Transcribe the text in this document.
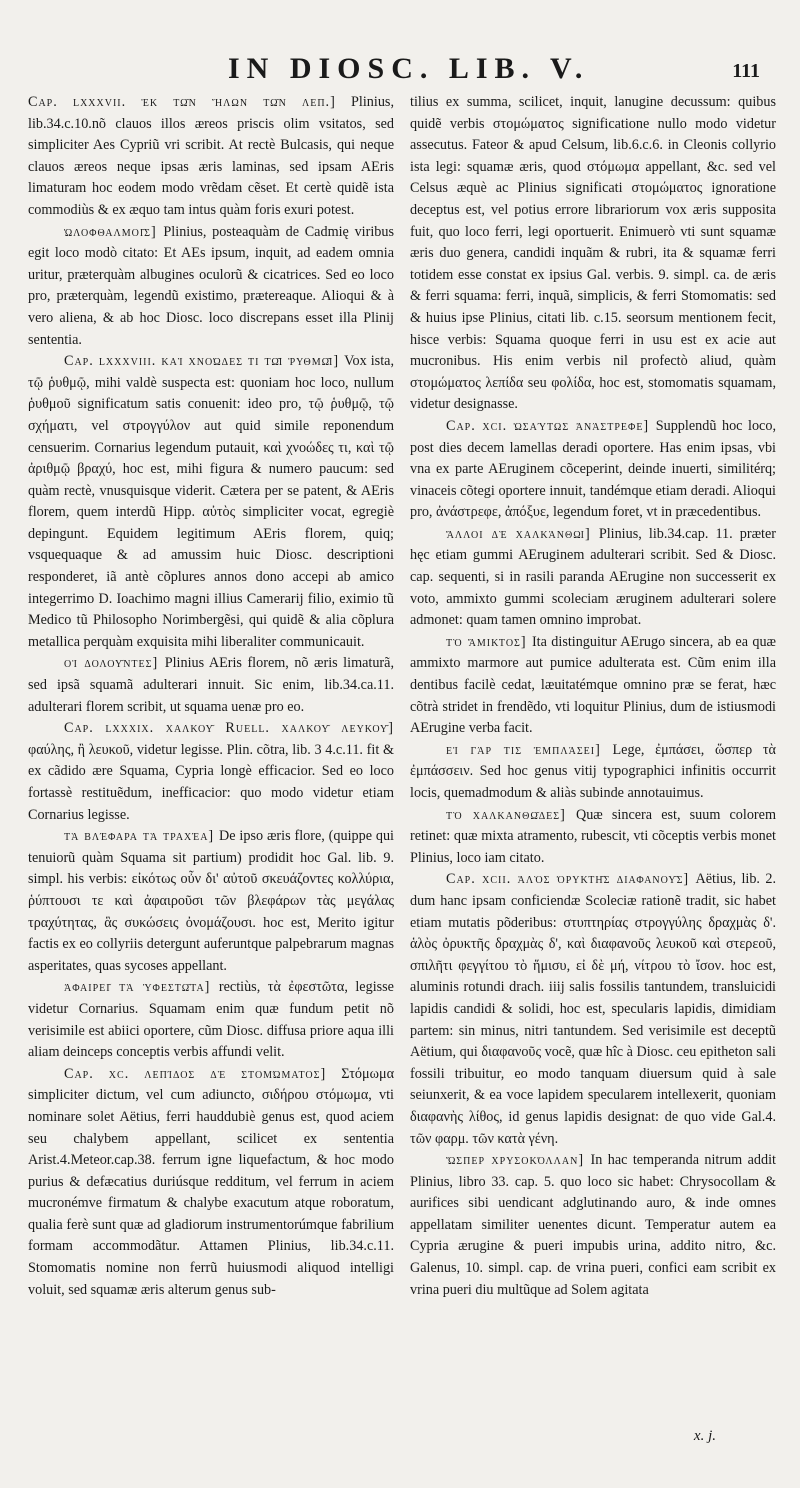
IN DIOSC. LIB. V.	111

Cap. lxxxvii. ἐκ τῶν ἥλων τῶν λεπ.] Plinius, lib.34.c.10.nõ clauos illos æreos priscis olim vsitatos, sed simpliciter Aes Cypriũ vri scribit. At rectè Bulcasis, qui neque clauos æreos neque ipsas æris laminas, sed ipsam AEris limaturam hoc eodem modo vrẽdam cẽset. Et certè quidẽ ista commodiùs & ex æquo tam intus quàm foris exuri potest.

ὠλοφθαλμοῖς] Plinius, posteaquàm de Cadmię viribus egit loco modò citato: Et AEs ipsum, inquit, ad eadem omnia uritur, præterquàm albugines oculorũ & cicatrices. Sed eo loco pro, præterquàm, legendũ existimo, prætereaque. Alioqui & à vero aliena, & ab hoc Diosc. loco discrepans esset illa Plinij sententia.

Cap. lxxxviii. καὶ χνοώδες τι τῷ ῥυθμῷ] Vox ista, τῷ ῥυθμῷ, mihi valdè suspecta est: quoniam hoc loco, nullum ῥυθμοῦ significatum satis conuenit: ideo pro, τῷ ῥυθμῷ, τῷ σχήματι, vel στρογγύλον aut quid simile reponendum censuerim. Cornarius legendum putauit, καὶ χνοώδες τι, καὶ τῷ ἀριθμῷ βραχύ, hoc est, mihi figura & numero paucum: sed quàm rectè, vnusquisque viderit. Cætera per se patent, & AEris florem, quem interdũ Hipp. αὐτὸς simpliciter vocat, egregiè depingunt. Equidem legitimum AEris florem, quiq; vsquequaque & ad amussim huic Diosc. descriptioni responderet, iã antè cõplures annos dono accepi ab amico integerrimo D. Ioachimo magni illius Camerarij filio, eximio tũ Medico tũ Philosopho Norimbergẽsi, qui quidẽ & alia cõplura metallica perquàm exquisita mihi liberaliter communicauit.

οἱ δολοῦντες] Plinius AEris florem, nõ æris limaturã, sed ipsã squamã adulterari innuit. Sic enim, lib.34.ca.11. adulterari florem scribit, ut squama uenæ pro eo.

Cap. lxxxix. χαλκοῦ Ruell. χαλκοῦ λευκοῦ] φαύλης, ἢ λευκοῦ, videtur legisse. Plin. cõtra, lib. 3 4.c.11. fit & ex cãdido ære Squama, Cypria longè efficacior. Sed eo loco fortassè restituẽdum, inefficacior: quo modo videtur etiam Cornarius legisse.

τὰ βλέφαρα τὰ τραχέα] De ipso æris flore, (quippe qui tenuiorũ quàm Squama sit partium) prodidit hoc Gal. lib. 9. simpl. his verbis: εἰκότως οὖν δι' αὐτοῦ σκευάζοντες κολλύρια, ῥύπτουσι τε καὶ ἀφαιροῦσι τῶν βλεφάρων τὰς μεγάλας τραχύτητας, ἃς συκώσεις ὀνομάζουσι. hoc est, Merito igitur factis ex eo collyriis detergunt auferuntque palpebrarum magnas asperitates, quas sycoses appellant.

ἀφαιρεῖ τὰ ὑφεστῶτα] rectiùs, τὰ ἐφεστῶτα, legisse videtur Cornarius. Squamam enim quæ fundum petit nõ verisimile est abiici oportere, cũm Diosc. diffusa priore aqua illi aliam deinceps conceptis verbis affundi velit.

Cap. xc. λεπίδος δὲ στομώματος] Στόμωμα simpliciter dictum, vel cum adiuncto, σιδήρου στόμωμα, vti nominare solet Aëtius, ferri hauddubiè genus est, quod aciem seu chalybem appellant, scilicet ex sententia Arist.4.Meteor.cap.38. ferrum igne liquefactum, & hoc modo purius & defæcatius duriúsque redditum, vel ferrum in aciem mucronémve firmatum & chalybe exacutum atque roboratum, qualia ferè sunt quæ ad gladiorum instrumentorúmque fabrilium formam accommodãtur. Attamen Plinius, lib.34.c.11. Stomomatis nomine non ferrũ huiusmodi aliquod intelligi voluit, sed squamæ æris alterum genus sub-

tilius ex summa, scilicet, inquit, lanugine decussum: quibus quidẽ verbis στομώματος significatione nullo modo videtur assecutus. Fateor & apud Celsum, lib.6.c.6. in Cleonis collyrio ista legi: squamæ æris, quod στόμωμα appellant, &c. sed vel Celsus æquè ac Plinius significati στομώματος ignoratione deceptus est, vel potius errore librariorum vox æris supposita fuit, quo loco ferri, legi oportuerit. Enimuerò vti sunt squamæ æris duo genera, candidi inquãm & rubri, ita & squamæ ferri totidem esse constat ex ipsius Gal. verbis. 9. simpl. ca. de æris & ferri squama: ferri, inquã, simplicis, & ferri Stomomatis: sed & huius ipse Plinius, citati lib. c.15. seorsum mentionem fecit, hisce verbis: Squama quoque ferri in usu est ex acie aut mucronibus. His enim verbis nil profectò aliud, quàm στομώματος λεπίδα seu φολίδα, hoc est, stomomatis squamam, videtur designasse.

Cap. xci. ὡσαύτως ἀνάστρεφε] Supplendũ hoc loco, post dies decem lamellas deradi oportere. Has enim ipsas, vbi vna ex parte AEruginem cõceperint, deinde inuerti, similitérq; vinaceis cõtegi oportere innuit, tandémque etiam deradi. Alioqui pro, ἀνάστρεφε, ἀπόξυε, legendum foret, vt in præcedentibus.

ἄλλοι δὲ χαλκάνθῳ] Plinius, lib.34.cap. 11. præter hęc etiam gummi AEruginem adulterari scribit. Sed & Diosc. cap. sequenti, si in rasili paranda AErugine non successerit ex voto, ammixto gummi scoleciam æruginem adulterari solere admonet: quam tamen omnino improbat.

τὸ ἄμικτος] Ita distinguitur AErugo sincera, ab ea quæ ammixto marmore aut pumice adulterata est. Cũm enim illa dentibus facilè cedat, læuitatémque omnino præ se ferat, hæc cõtrà stridet in frendẽdo, vti loquitur Plinius, dum de istiusmodi AErugine verba facit.

εἰ γάρ τις ἐμπλάσει] Lege, ἐμπάσει, ὥσπερ τὰ ἐμπάσσειν. Sed hoc genus vitij typographici infinitis occurrit locis, quemadmodum & aliàs subinde annotauimus.

τὸ χαλκανθῶδες] Quæ sincera est, suum colorem retinet: quæ mixta atramento, rubescit, vti cõceptis verbis monet Plinius, loco iam citato.

Cap. xcii. ἁλὸς ὀρυκτῆς διαφανοῦς] Aëtius, lib. 2. dum hanc ipsam conficiendæ Scoleciæ rationẽ tradit, sic habet etiam mutatis põderibus: στυπτηρίας στρογγύλης δραχμὰς δ'. ἁλὸς ὀρυκτῆς δραχμὰς δ', καὶ διαφανοῦς λευκοῦ καὶ στερεοῦ, σπιλῆτι φεγγίτου τὸ ἥμισυ, εἰ δὲ μή, νίτρου τὸ ἴσον. hoc est, aluminis rotundi drach. iiij salis fossilis tantundem, transluicidi lapidis candidi & solidi, hoc est, specularis lapidis, dimidiam partem: sin minus, nitri tantundem. Sed verisimile est deceptũ Aëtium, qui διαφανοῦς vocẽ, quæ hîc à Diosc. ceu epitheton sali fossili tribuitur, eo modo tanquam diuersum quid à sale seiunxerit, & ea voce lapidem specularem intellexerit, quoniam διαφανὴς λίθος, id genus lapidis designat: de quo vide Gal.4. τῶν φαρμ. τῶν κατὰ γένη.

ὥσπερ χρυσοκόλλαν] In hac temperanda nitrum addit Plinius, libro 33. cap. 5. quo loco sic habet: Chrysocollam & aurifices sibi uendicant adglutinando auro, & inde omnes appellatam similiter uenentes dicunt. Temperatur autem ea Cypria ærugine & pueri impubis urina, addito nitro, &c. Galenus, 10. simpl. cap. de vrina pueri, confici eam scribit ex vrina pueri diu multũque ad Solem agitata

x. j.
